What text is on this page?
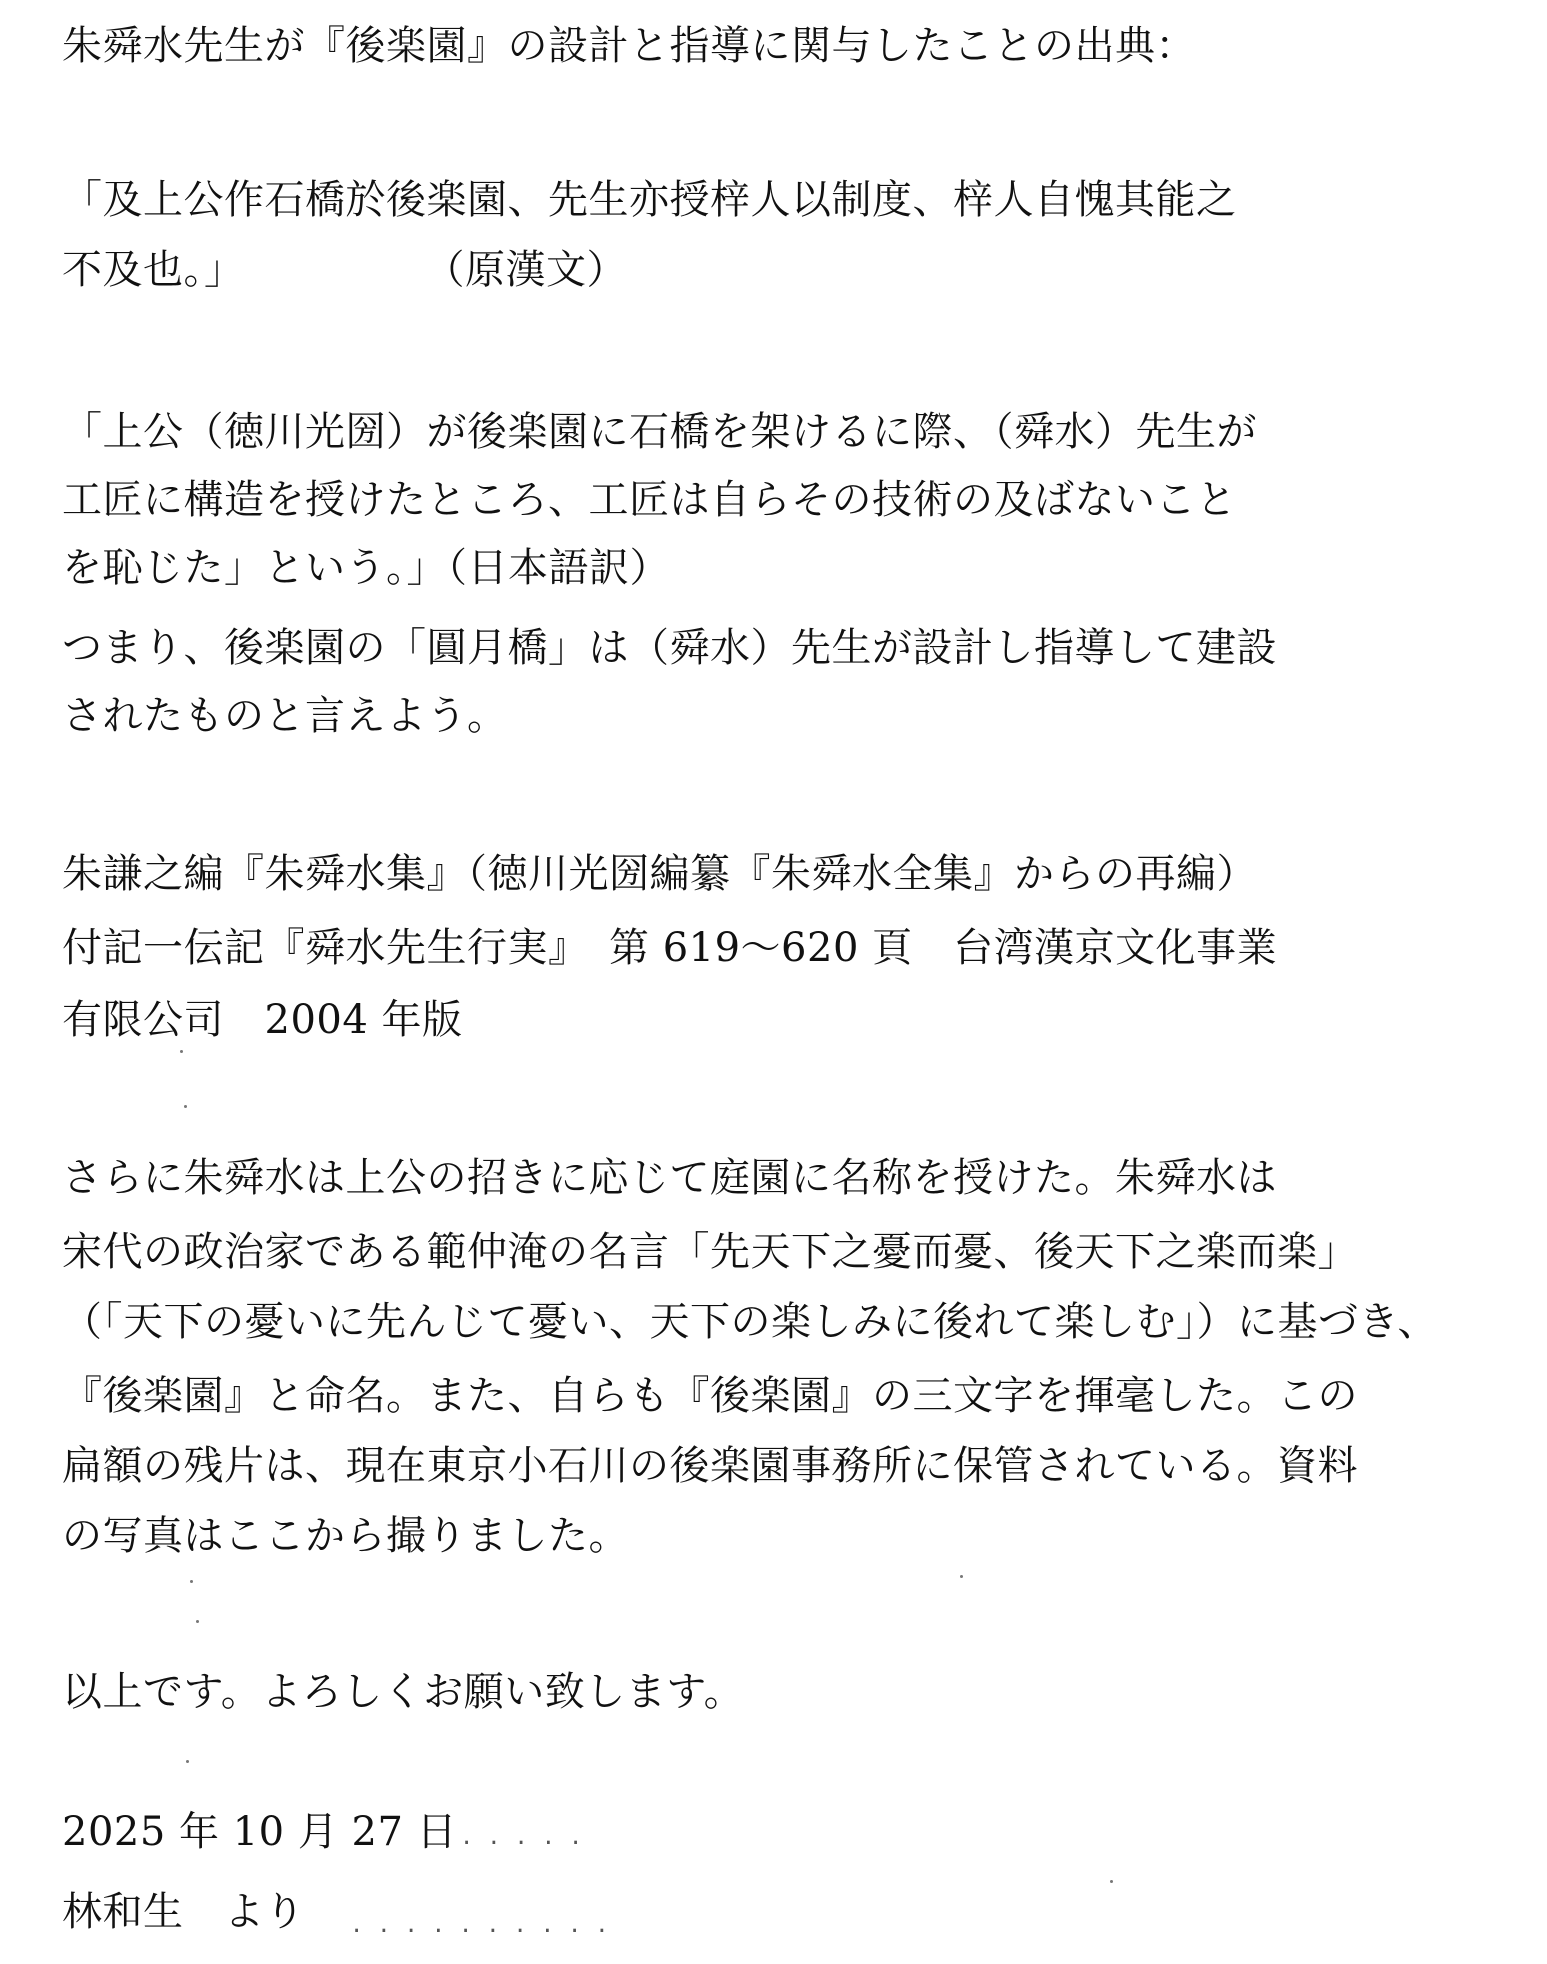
朱舜水先生が『後楽園』の設計と指導に関与したことの出典：
「及上公作石橋於後楽園、先生亦授梓人以制度、梓人自愧其能之
不及也。」	（原漢文）
「上公（徳川光圀）が後楽園に石橋を架けるに際、（舜水）先生が
工匠に構造を授けたところ、工匠は自らその技術の及ばないこと
を恥じた」という。」（日本語訳）
つまり、後楽園の「圓月橋」は（舜水）先生が設計し指導して建設
されたものと言えよう。
朱謙之編『朱舜水集』（徳川光圀編纂『朱舜水全集』からの再編）
付記一伝記『舜水先生行実』　第 619～620 頁　台湾漢京文化事業
有限公司　2004 年版
さらに朱舜水は上公の招きに応じて庭園に名称を授けた。朱舜水は
宋代の政治家である範仲淹の名言「先天下之憂而憂、後天下之楽而楽」
（「天下の憂いに先んじて憂い、天下の楽しみに後れて楽しむ」）に基づき、
『後楽園』と命名。また、自らも『後楽園』の三文字を揮毫した。この
扁額の残片は、現在東京小石川の後楽園事務所に保管されている。資料
の写真はここから撮りました。
以上です。よろしくお願い致します。
2025 年 10 月 27 日 ·····
林和生　より ··········
